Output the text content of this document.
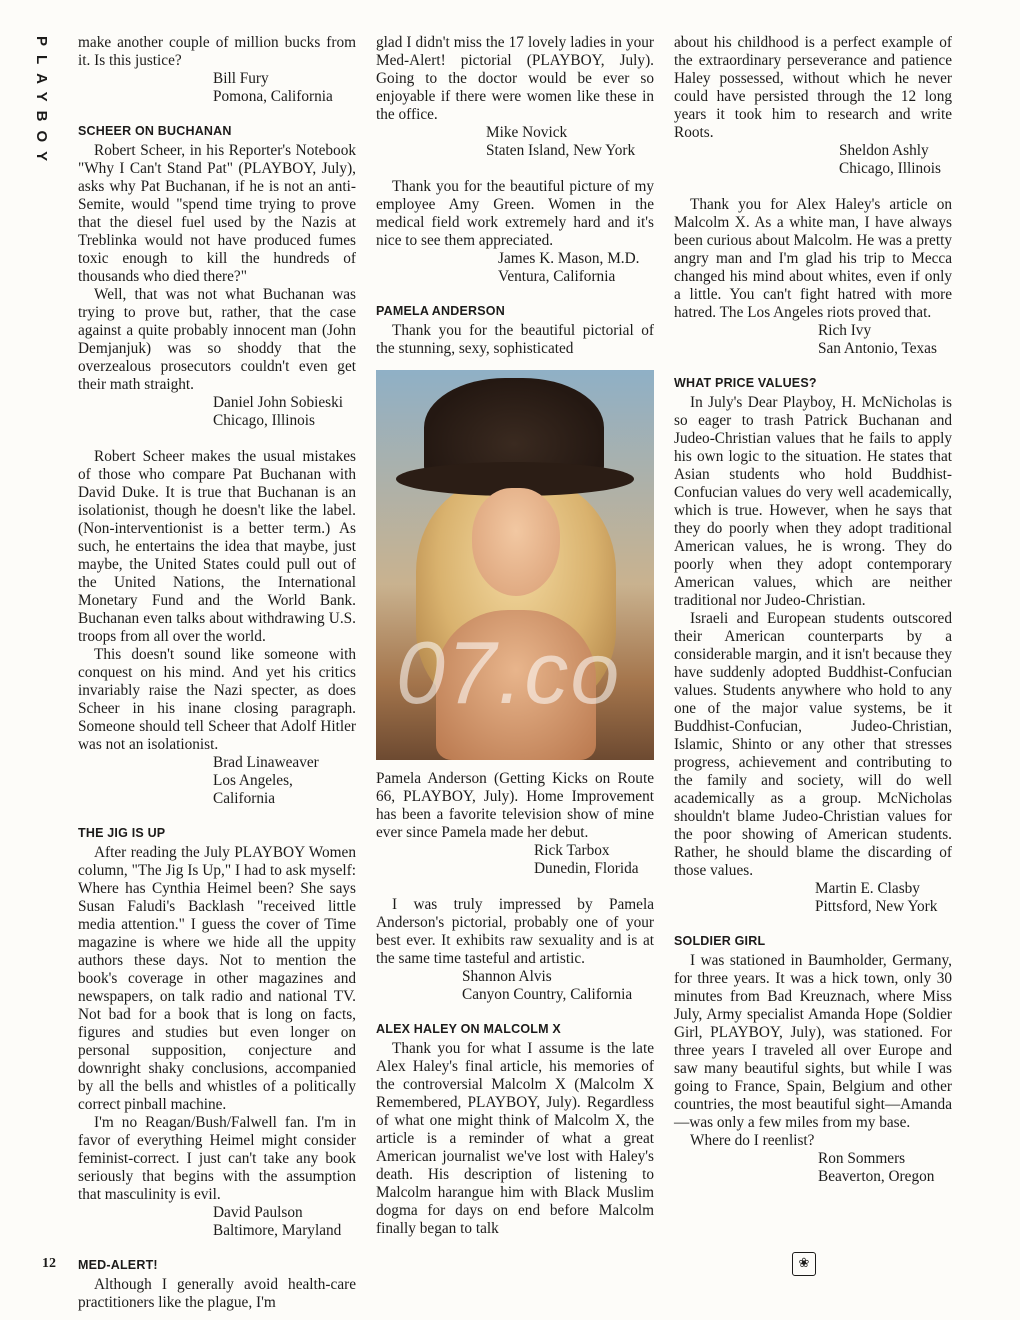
PLAYBOY
12

make another couple of million bucks from it. Is this justice?

Bill Fury
Pomona, California
SCHEER ON BUCHANAN

Robert Scheer, in his Reporter's Notebook "Why I Can't Stand Pat" (PLAYBOY, July), asks why Pat Buchanan, if he is not an anti-Semite, would "spend time trying to prove that the diesel fuel used by the Nazis at Treblinka would not have produced fumes toxic enough to kill the hundreds of thousands who died there?"

Well, that was not what Buchanan was trying to prove but, rather, that the case against a quite probably innocent man (John Demjanjuk) was so shoddy that the overzealous prosecutors couldn't even get their math straight.

Daniel John Sobieski
Chicago, Illinois

Robert Scheer makes the usual mistakes of those who compare Pat Buchanan with David Duke. It is true that Buchanan is an isolationist, though he doesn't like the label. (Non-interventionist is a better term.) As such, he entertains the idea that maybe, just maybe, the United States could pull out of the United Nations, the International Monetary Fund and the World Bank. Buchanan even talks about withdrawing U.S. troops from all over the world.

This doesn't sound like someone with conquest on his mind. And yet his critics invariably raise the Nazi specter, as does Scheer in his inane closing paragraph. Someone should tell Scheer that Adolf Hitler was not an isolationist.

Brad Linaweaver
Los Angeles, California
THE JIG IS UP

After reading the July PLAYBOY Women column, "The Jig Is Up," I had to ask myself: Where has Cynthia Heimel been? She says Susan Faludi's Backlash "received little media attention." I guess the cover of Time magazine is where we hide all the uppity authors these days. Not to mention the book's coverage in other magazines and newspapers, on talk radio and national TV. Not bad for a book that is long on facts, figures and studies but even longer on personal supposition, conjecture and downright shaky conclusions, accompanied by all the bells and whistles of a politically correct pinball machine.

I'm no Reagan/Bush/Falwell fan. I'm in favor of everything Heimel might consider feminist-correct. I just can't take any book seriously that begins with the assumption that masculinity is evil.

David Paulson
Baltimore, Maryland
MED-ALERT!

Although I generally avoid health-care practitioners like the plague, I'm

glad I didn't miss the 17 lovely ladies in your Med-Alert! pictorial (PLAYBOY, July). Going to the doctor would be ever so enjoyable if there were women like these in the office.

Mike Novick
Staten Island, New York

Thank you for the beautiful picture of my employee Amy Green. Women in the medical field work extremely hard and it's nice to see them appreciated.

James K. Mason, M.D.
Ventura, California
PAMELA ANDERSON

Thank you for the beautiful pictorial of the stunning, sexy, sophisticated

Pamela Anderson (Getting Kicks on Route 66, PLAYBOY, July). Home Improvement has been a favorite television show of mine ever since Pamela made her debut.

Rick Tarbox
Dunedin, Florida

I was truly impressed by Pamela Anderson's pictorial, probably one of your best ever. It exhibits raw sexuality and is at the same time tasteful and artistic.

Shannon Alvis
Canyon Country, California
ALEX HALEY ON MALCOLM X

Thank you for what I assume is the late Alex Haley's final article, his memories of the controversial Malcolm X (Malcolm X Remembered, PLAYBOY, July). Regardless of what one might think of Malcolm X, the article is a reminder of what a great American journalist we've lost with Haley's death. His description of listening to Malcolm harangue him with Black Muslim dogma for days on end before Malcolm finally began to talk

about his childhood is a perfect example of the extraordinary perseverance and patience Haley possessed, without which he never could have persisted through the 12 long years it took him to research and write Roots.

Sheldon Ashly
Chicago, Illinois

Thank you for Alex Haley's article on Malcolm X. As a white man, I have always been curious about Malcolm. He was a pretty angry man and I'm glad his trip to Mecca changed his mind about whites, even if only a little. You can't fight hatred with more hatred. The Los Angeles riots proved that.

Rich Ivy
San Antonio, Texas
WHAT PRICE VALUES?

In July's Dear Playboy, H. McNicholas is so eager to trash Patrick Buchanan and Judeo-Christian values that he fails to apply his own logic to the situation. He states that Asian students who hold Buddhist-Confucian values do very well academically, which is true. However, when he says that they do poorly when they adopt traditional American values, he is wrong. They do poorly when they adopt contemporary American values, which are neither traditional nor Judeo-Christian.

Israeli and European students outscored their American counterparts by a considerable margin, and it isn't because they have suddenly adopted Buddhist-Confucian values. Students anywhere who hold to any one of the major value systems, be it Buddhist-Confucian, Judeo-Christian, Islamic, Shinto or any other that stresses progress, achievement and contributing to the family and society, will do well academically as a group. McNicholas shouldn't blame Judeo-Christian values for the poor showing of American students. Rather, he should blame the discarding of those values.

Martin E. Clasby
Pittsford, New York
SOLDIER GIRL

I was stationed in Baumholder, Germany, for three years. It was a hick town, only 30 minutes from Bad Kreuznach, where Miss July, Army specialist Amanda Hope (Soldier Girl, PLAYBOY, July), was stationed. For three years I traveled all over Europe and saw many beautiful sights, but while I was going to France, Spain, Belgium and other countries, the most beautiful sight—Amanda—was only a few miles from my base.

Where do I reenlist?

Ron Sommers
Beaverton, Oregon
❀
07.co
